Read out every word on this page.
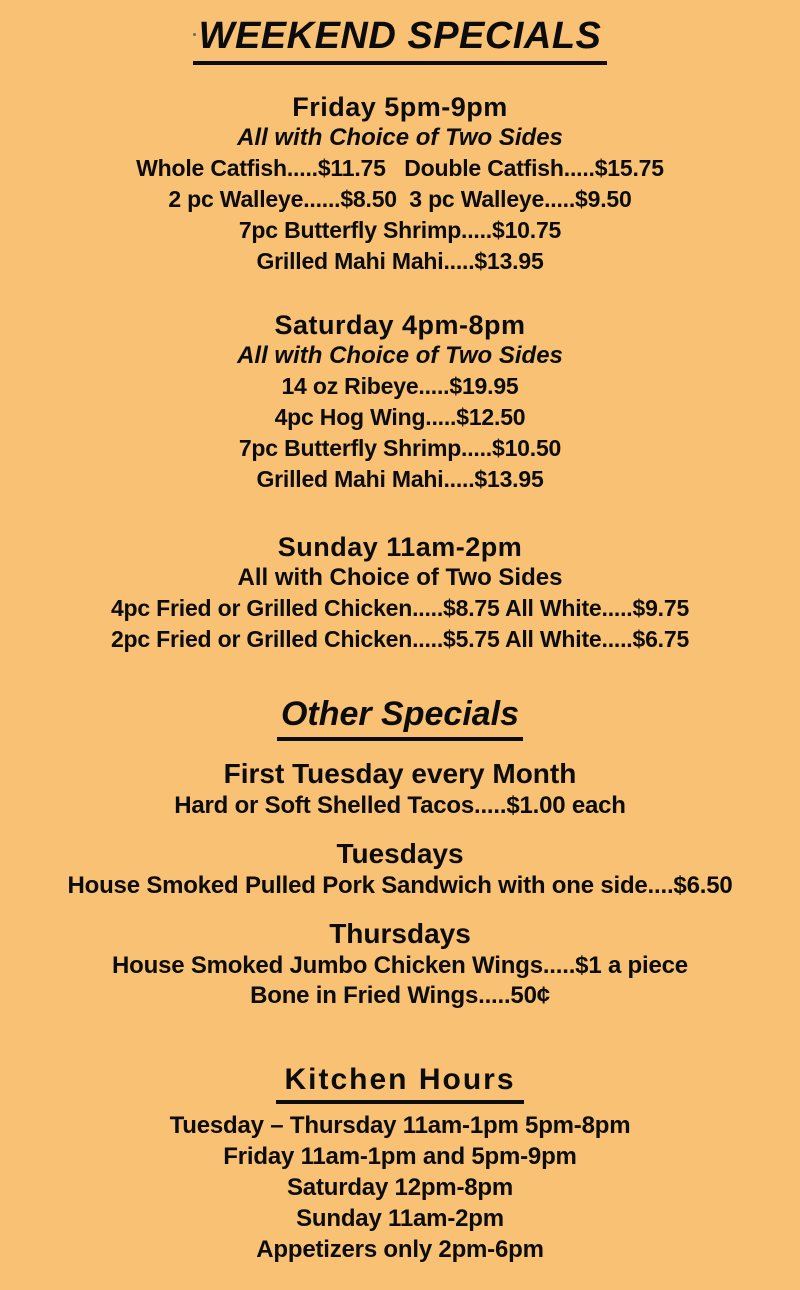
WEEKEND SPECIALS
Friday 5pm-9pm
All with Choice of Two Sides
Whole Catfish.....$11.75   Double Catfish.....$15.75
2 pc Walleye......$8.50  3 pc Walleye.....$9.50
7pc Butterfly Shrimp.....$10.75
Grilled Mahi Mahi.....$13.95
Saturday 4pm-8pm
All with Choice of Two Sides
14 oz Ribeye.....$19.95
4pc Hog Wing.....$12.50
7pc Butterfly Shrimp.....$10.50
Grilled Mahi Mahi.....$13.95
Sunday 11am-2pm
All with Choice of Two Sides
4pc Fried or Grilled Chicken.....$8.75 All White.....$9.75
2pc Fried or Grilled Chicken.....$5.75 All White.....$6.75
Other Specials
First Tuesday every Month
Hard or Soft Shelled Tacos.....$1.00 each
Tuesdays
House Smoked Pulled Pork Sandwich with one side....$6.50
Thursdays
House Smoked Jumbo Chicken Wings.....$1 a piece
Bone in Fried Wings.....50¢
Kitchen Hours
Tuesday – Thursday 11am-1pm 5pm-8pm
Friday 11am-1pm and 5pm-9pm
Saturday 12pm-8pm
Sunday 11am-2pm
Appetizers only 2pm-6pm
